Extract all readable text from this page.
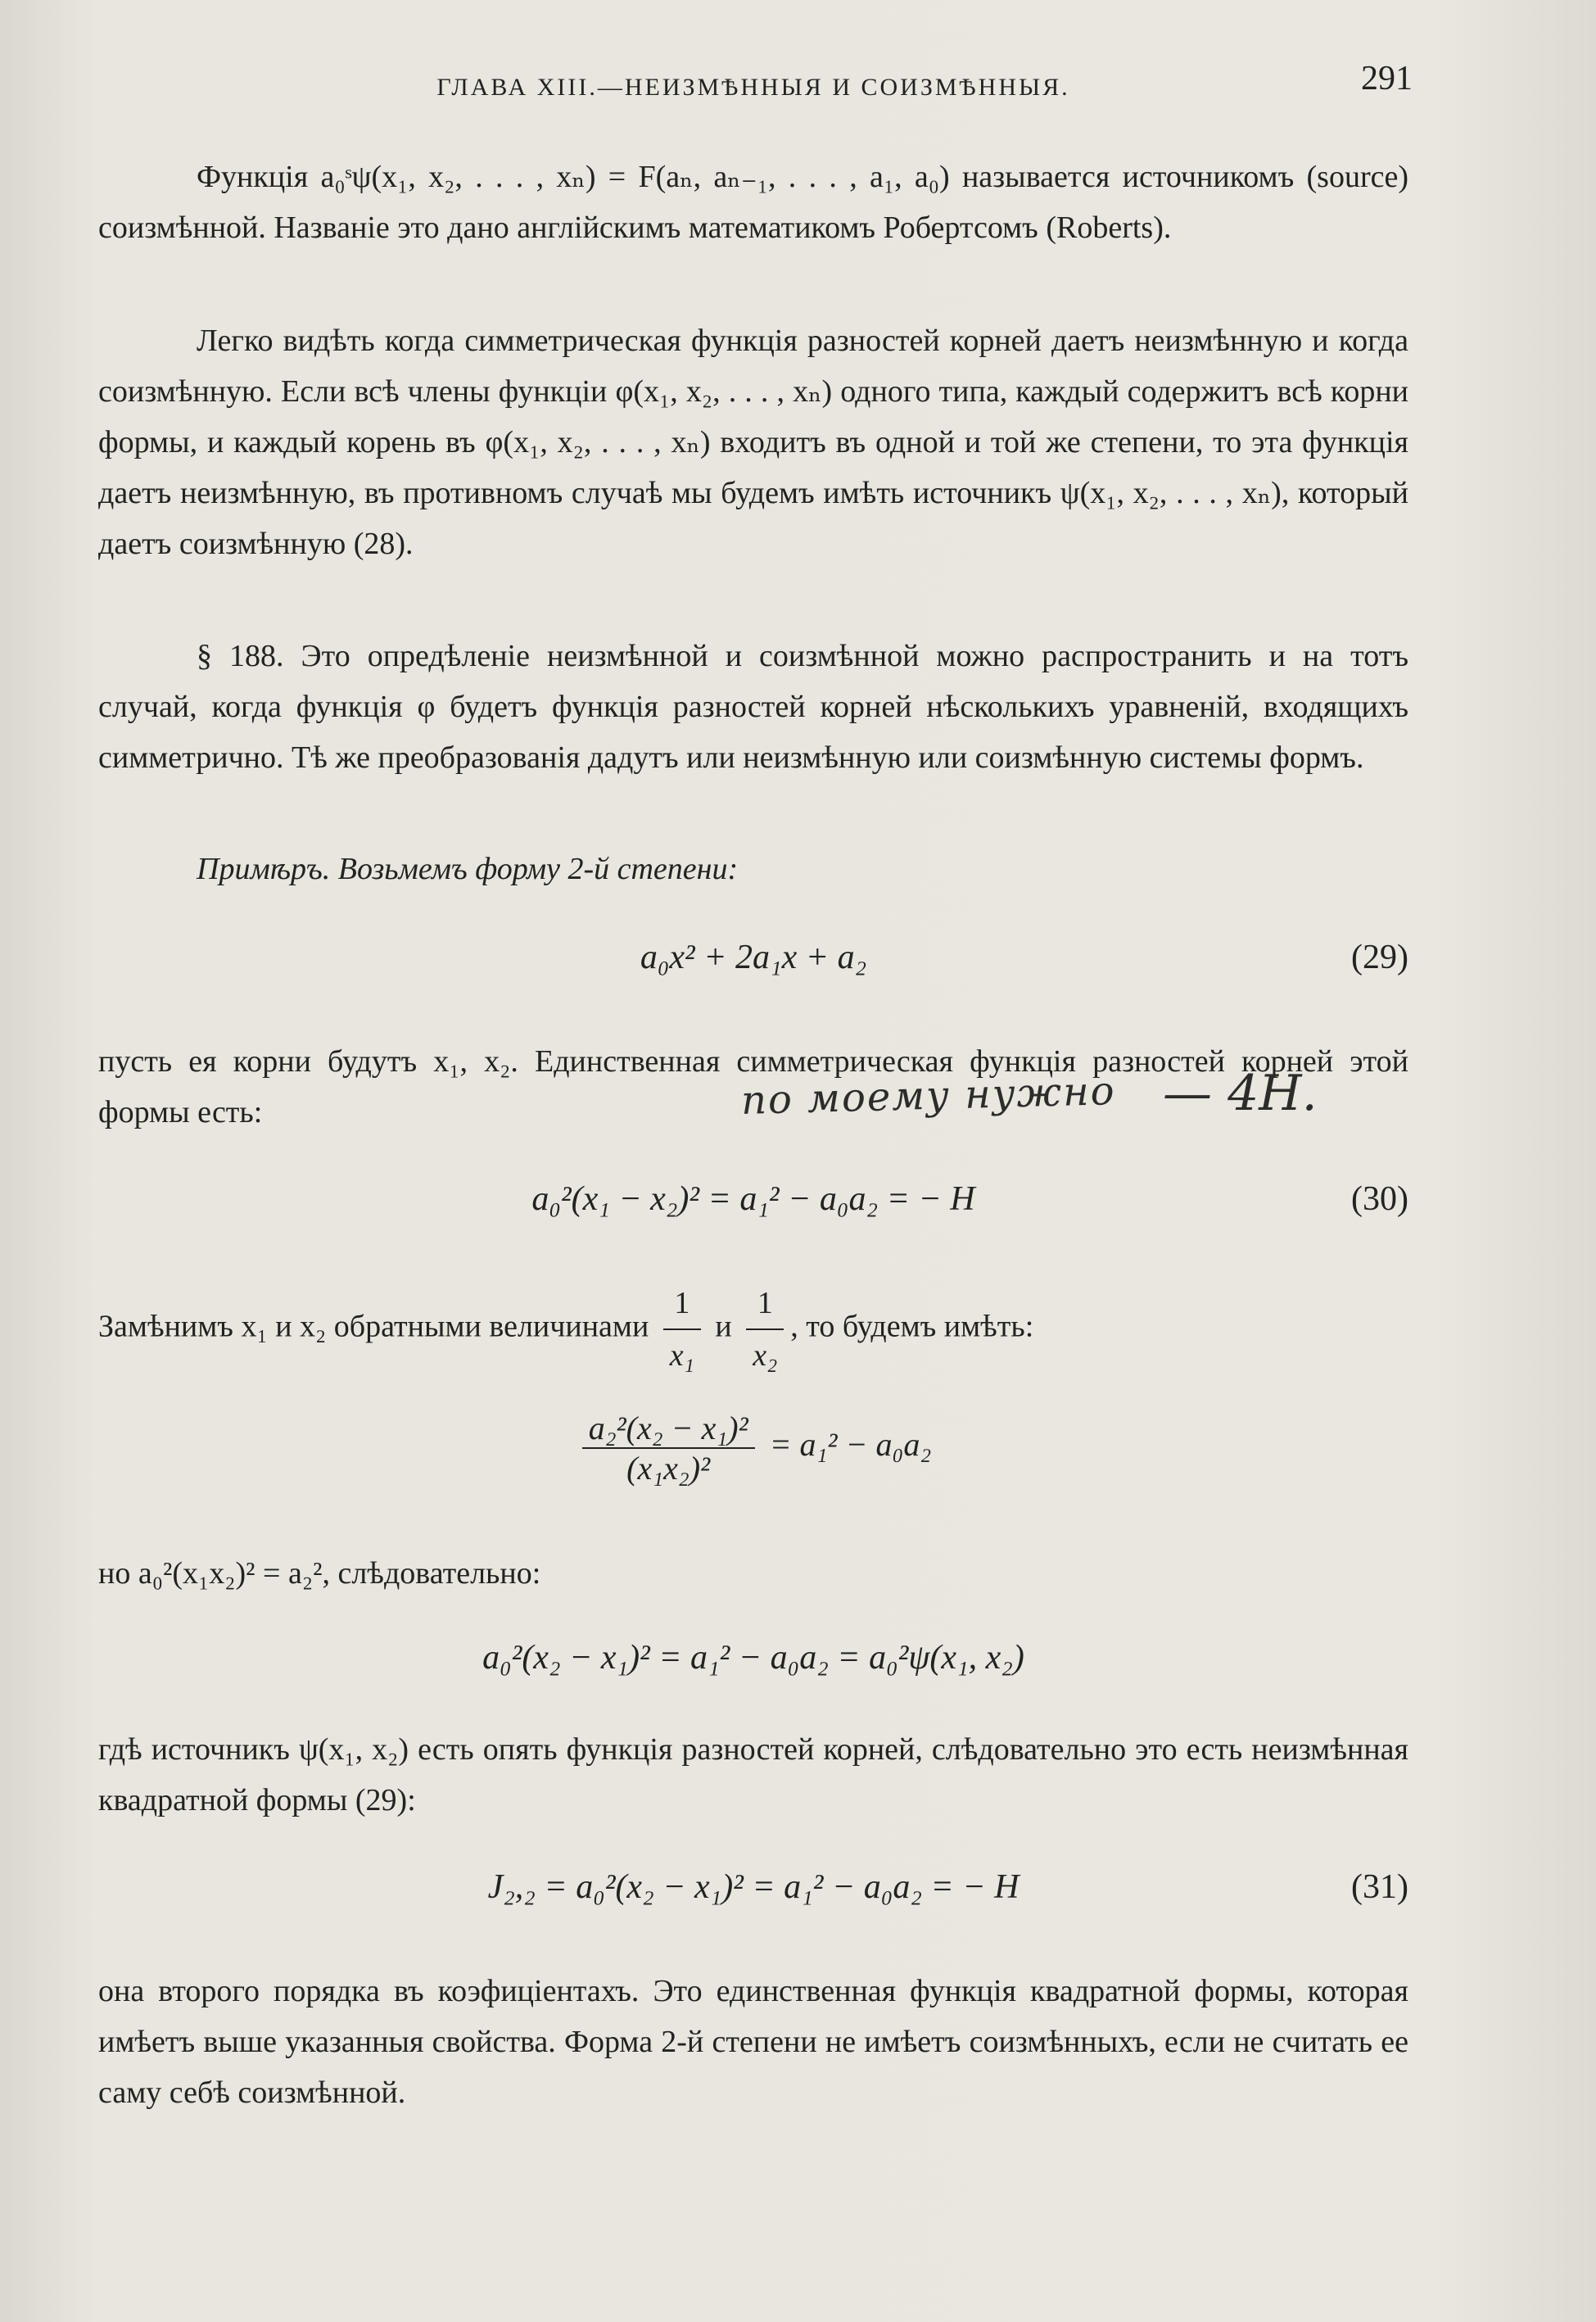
ГЛАВА XIII.—НЕИЗМѢННЫЯ И СОИЗМѢННЫЯ.	291
Функція a₀ˢψ(x₁, x₂, . . . , xₙ) = F(aₙ, aₙ₋₁, . . . , a₁, a₀) называется источникомъ (source) соизмѣнной. Названіе это дано англійскимъ математикомъ Робертсомъ (Roberts).
Легко видѣть когда симметрическая функція разностей корней даетъ неизмѣнную и когда соизмѣнную. Если всѣ члены функціи φ(x₁, x₂, . . . , xₙ) одного типа, каждый содержитъ всѣ корни формы, и каждый корень въ φ(x₁, x₂, . . . , xₙ) входитъ въ одной и той же степени, то эта функція даетъ неизмѣнную, въ противномъ случаѣ мы будемъ имѣть источникъ ψ(x₁, x₂, . . . , xₙ), который даетъ соизмѣнную (28).
§ 188. Это опредѣленіе неизмѣнной и соизмѣнной можно распространить и на тотъ случай, когда функція φ будетъ функція разностей корней нѣсколькихъ уравненій, входящихъ симметрично. Тѣ же преобразованія дадутъ или неизмѣнную или соизмѣнную системы формъ.
Примѣръ. Возьмемъ форму 2-й степени:
a₀x² + 2a₁x + a₂	(29)
пусть ея корни будутъ x₁, x₂. Единственная симметрическая функція разностей корней этой формы есть:	по моему нужно — 4H.
a₀²(x₁ − x₂)² = a₁² − a₀a₂ = − H	(30)
Замѣнимъ x₁ и x₂ обратными величинами $\frac{1}{\text{x₁}}$ и $\frac{1}{\text{x₂}}$ , то будемъ имѣть:
$\frac{\text{a₂²(x₂ − x₁)²}}{\text{(x₁x₂)²}} = a_1^2 - a_0a_2$
но a₀²(x₁x₂)² = a₂², слѣдовательно:
a₀²(x₂ − x₁)² = a₁² − a₀a₂ = a₀²ψ(x₁, x₂)
гдѣ источникъ ψ(x₁, x₂) есть опять функція разностей корней, слѣдовательно это есть неизмѣнная квадратной формы (29):
J₂,₂ = a₀²(x₂ − x₁)² = a₁² − a₀a₂ = − H	(31)
она второго порядка въ коэфиціентахъ. Это единственная функція квадратной формы, которая имѣетъ выше указанныя свойства. Форма 2-й степени не имѣетъ соизмѣнныхъ, если не считать ее саму себѣ соизмѣнной.
